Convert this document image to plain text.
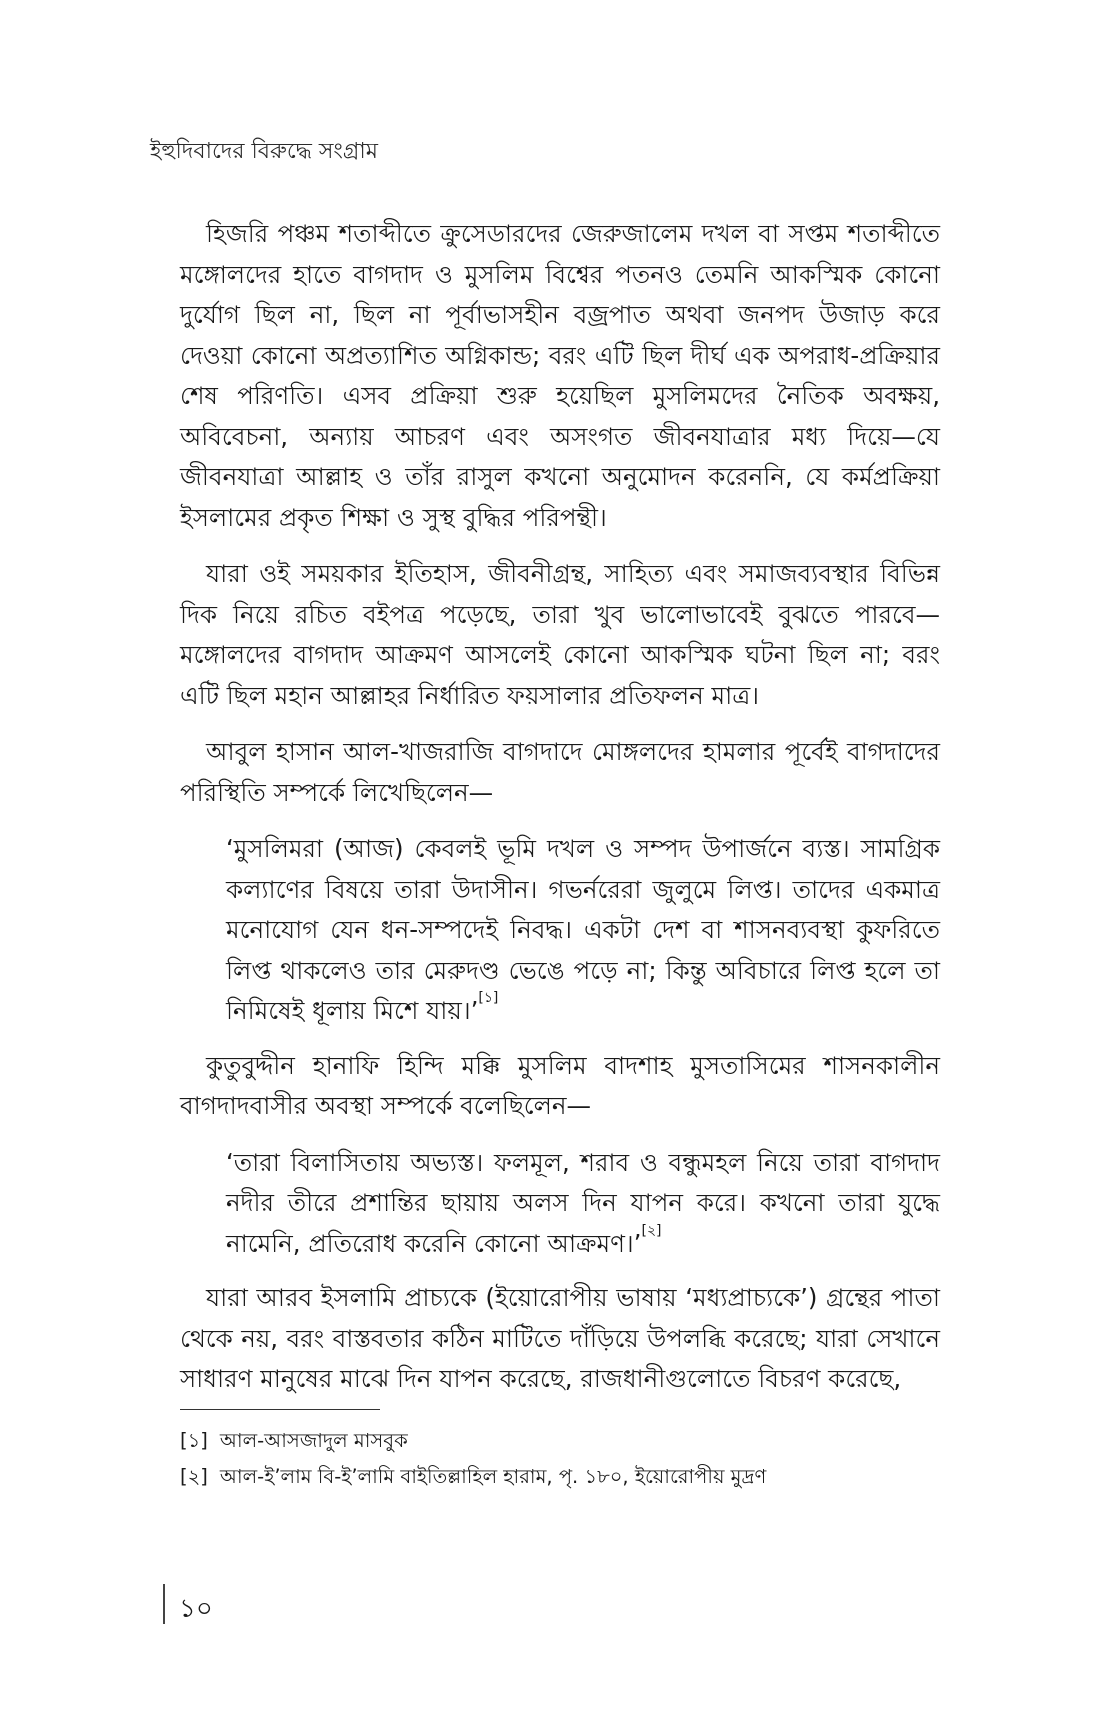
ইহুদিবাদের বিরুদ্ধে সংগ্রাম

হিজরি পঞ্চম শতাব্দীতে ক্রুসেডারদের জেরুজালেম দখল বা সপ্তম শতাব্দীতে মঙ্গোলদের হাতে বাগদাদ ও মুসলিম বিশ্বের পতনও তেমনি আকস্মিক কোনো দুর্যোগ ছিল না, ছিল না পূর্বাভাসহীন বজ্রপাত অথবা জনপদ উজাড় করে দেওয়া কোনো অপ্রত্যাশিত অগ্নিকান্ড; বরং এটি ছিল দীর্ঘ এক অপরাধ-প্রক্রিয়ার শেষ পরিণতি। এসব প্রক্রিয়া শুরু হয়েছিল মুসলিমদের নৈতিক অবক্ষয়, অবিবেচনা, অন্যায় আচরণ এবং অসংগত জীবনযাত্রার মধ্য দিয়ে—যে জীবনযাত্রা আল্লাহ ও তাঁর রাসুল কখনো অনুমোদন করেননি, যে কর্মপ্রক্রিয়া ইসলামের প্রকৃত শিক্ষা ও সুস্থ বুদ্ধির পরিপন্থী।

যারা ওই সময়কার ইতিহাস, জীবনীগ্রন্থ, সাহিত্য এবং সমাজব্যবস্থার বিভিন্ন দিক নিয়ে রচিত বইপত্র পড়েছে, তারা খুব ভালোভাবেই বুঝতে পারবে—মঙ্গোলদের বাগদাদ আক্রমণ আসলেই কোনো আকস্মিক ঘটনা ছিল না; বরং এটি ছিল মহান আল্লাহর নির্ধারিত ফয়সালার প্রতিফলন মাত্র।

আবুল হাসান আল-খাজরাজি বাগদাদে মোঙ্গলদের হামলার পূর্বেই বাগদাদের পরিস্থিতি সম্পর্কে লিখেছিলেন—

‘মুসলিমরা (আজ) কেবলই ভূমি দখল ও সম্পদ উপার্জনে ব্যস্ত। সামগ্রিক কল্যাণের বিষয়ে তারা উদাসীন। গভর্নরেরা জুলুমে লিপ্ত। তাদের একমাত্র মনোযোগ যেন ধন-সম্পদেই নিবদ্ধ। একটা দেশ বা শাসনব্যবস্থা কুফরিতে লিপ্ত থাকলেও তার মেরুদণ্ড ভেঙে পড়ে না; কিন্তু অবিচারে লিপ্ত হলে তা নিমিষেই ধূলায় মিশে যায়।’[১]

কুতুবুদ্দীন হানাফি হিন্দি মক্কি মুসলিম বাদশাহ মুসতাসিমের শাসনকালীন বাগদাদবাসীর অবস্থা সম্পর্কে বলেছিলেন—

‘তারা বিলাসিতায় অভ্যস্ত। ফলমূল, শরাব ও বন্ধুমহল নিয়ে তারা বাগদাদ নদীর তীরে প্রশান্তির ছায়ায় অলস দিন যাপন করে। কখনো তারা যুদ্ধে নামেনি, প্রতিরোধ করেনি কোনো আক্রমণ।’[২]

যারা আরব ইসলামি প্রাচ্যকে (ইয়োরোপীয় ভাষায় ‘মধ্যপ্রাচ্যকে’) গ্রন্থের পাতা থেকে নয়, বরং বাস্তবতার কঠিন মাটিতে দাঁড়িয়ে উপলব্ধি করেছে; যারা সেখানে সাধারণ মানুষের মাঝে দিন যাপন করেছে, রাজধানীগুলোতে বিচরণ করেছে,

[১] আল-আসজাদুল মাসবুক

[২] আল-ই’লাম বি-ই’লামি বাইতিল্লাহিল হারাম, পৃ. ১৮০, ইয়োরোপীয় মুদ্রণ

১০
